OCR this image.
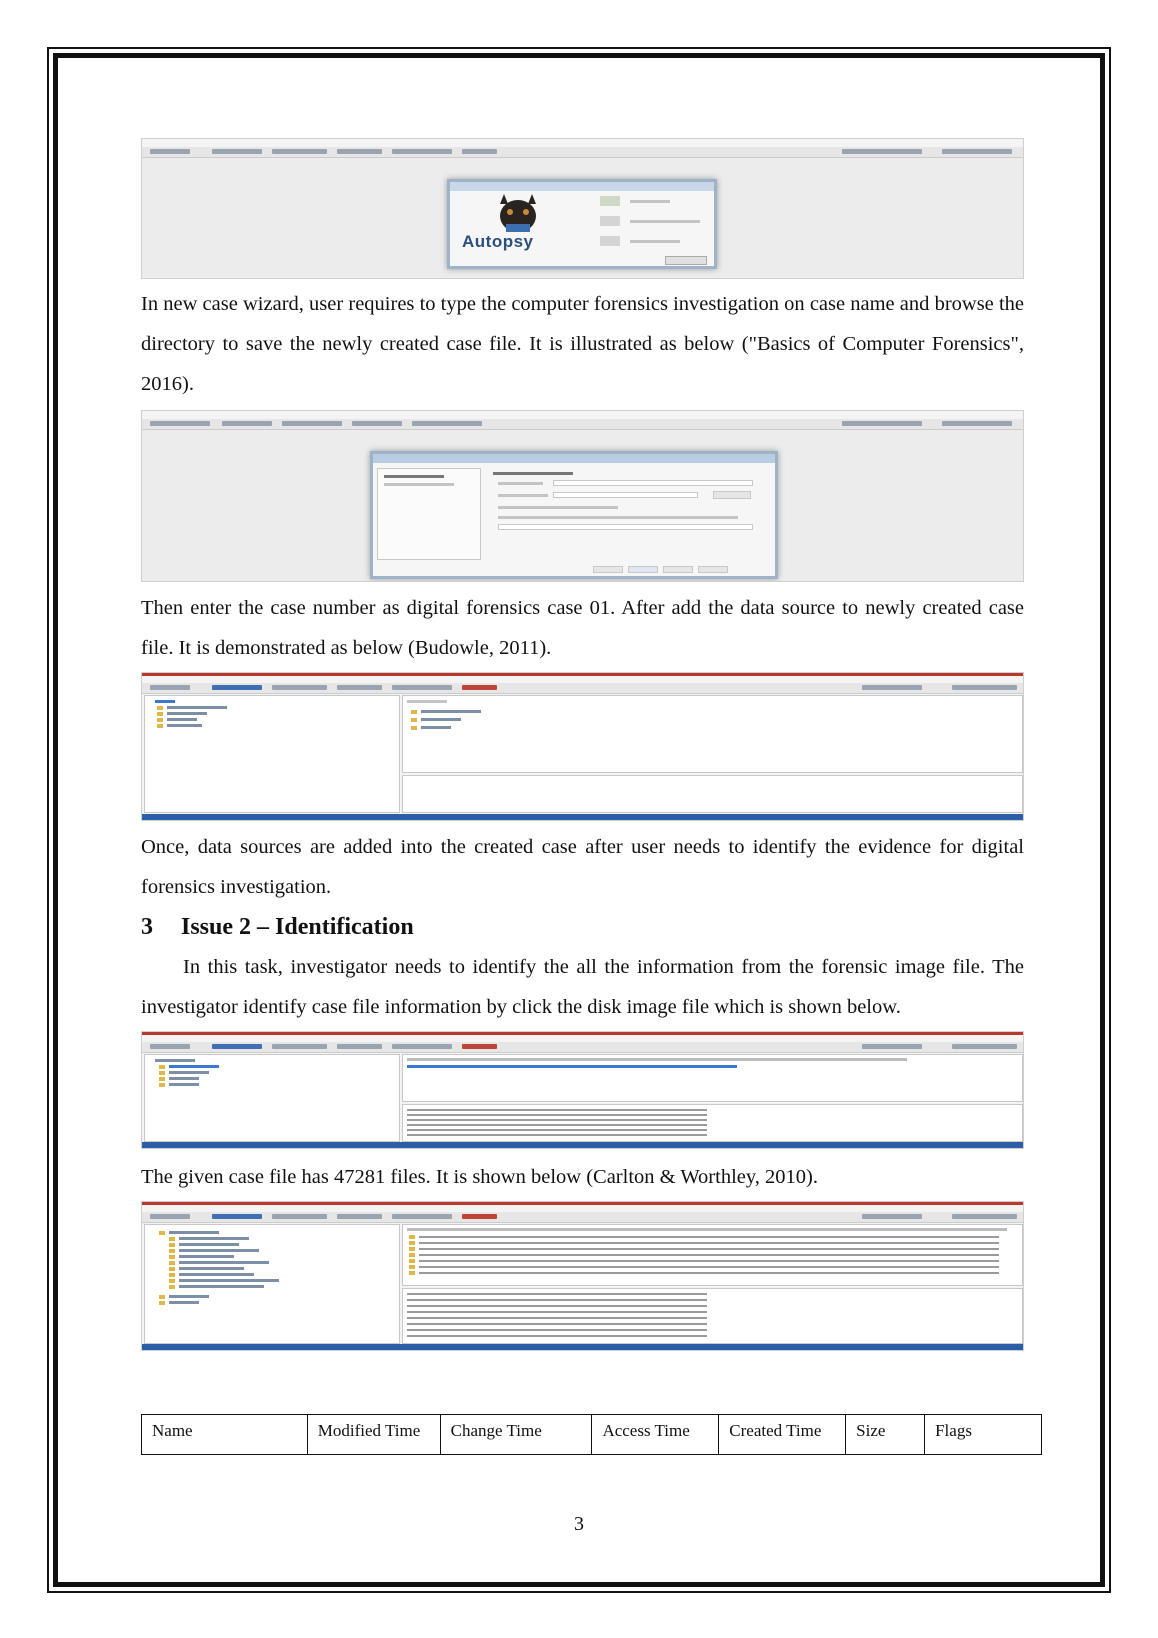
Autopsy

In new case wizard, user requires to type the computer forensics investigation on case name and browse the directory to save the newly created case file. It is illustrated as below ("Basics of Computer Forensics", 2016).

Then enter the case number as digital forensics case 01. After add the data source to newly created case file. It is demonstrated as below (Budowle, 2011).

Once, data sources are added into the created case after user needs to identify the evidence for digital forensics investigation.

3 Issue 2 – Identification

In this task, investigator needs to identify the all the information from the forensic image file. The investigator identify case file information by click the disk image file which is shown below.

The given case file has 47281 files. It is shown below (Carlton & Worthley, 2010).

Name	Modified Time	Change Time	Access Time	Created Time	Size	Flags
3
